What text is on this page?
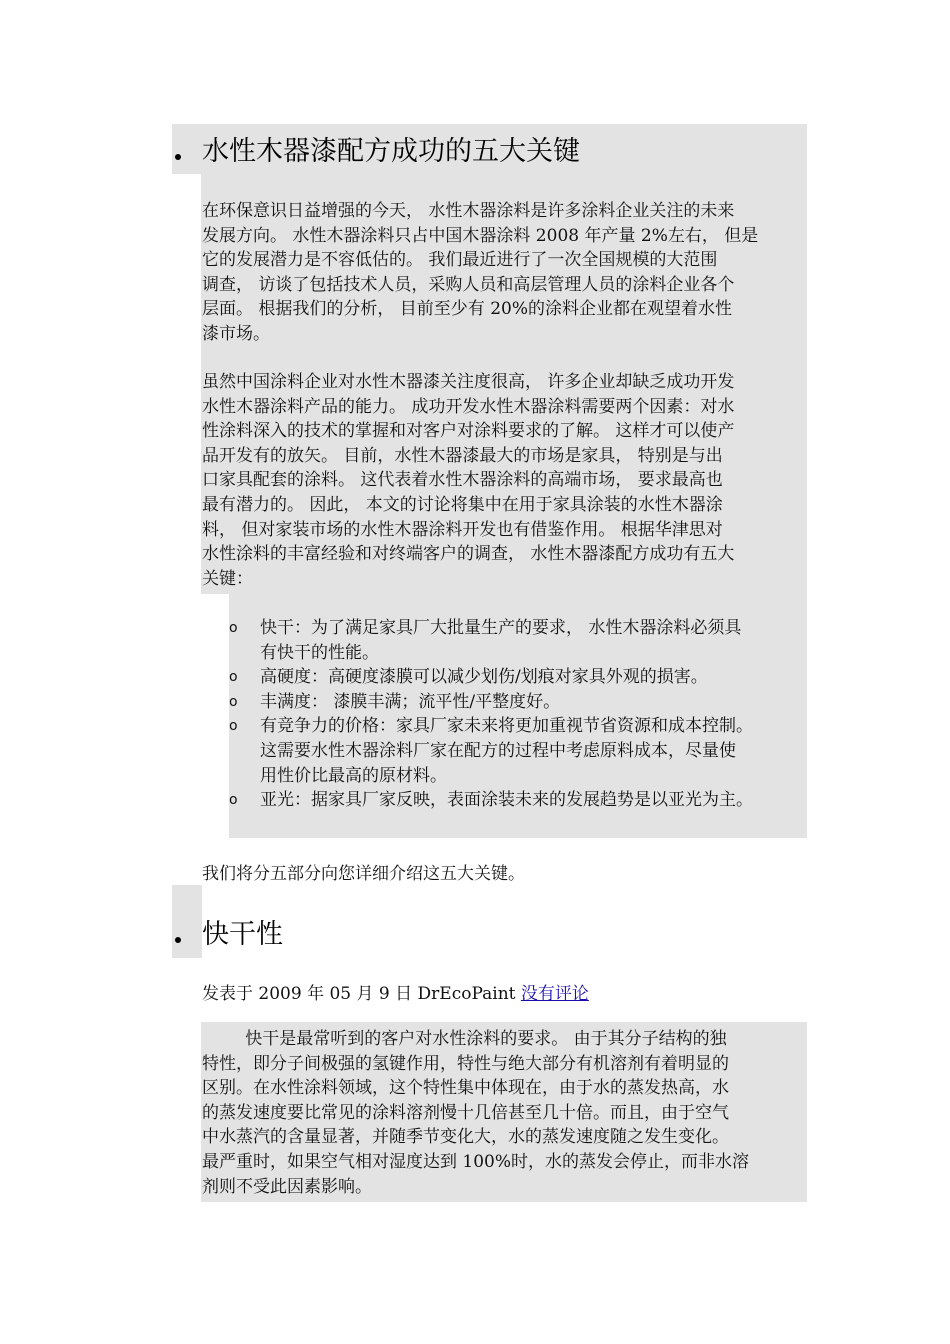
水性木器漆配方成功的五大关键
在环保意识日益增强的今天， 水性木器涂料是许多涂料企业关注的未来
发展方向。 水性木器涂料只占中国木器涂料 2008 年产量 2%左右， 但是
它的发展潜力是不容低估的。 我们最近进行了一次全国规模的大范围
调查， 访谈了包括技术人员，采购人员和高层管理人员的涂料企业各个
层面。 根据我们的分析， 目前至少有 20%的涂料企业都在观望着水性
漆市场。
虽然中国涂料企业对水性木器漆关注度很高， 许多企业却缺乏成功开发
水性木器涂料产品的能力。 成功开发水性木器涂料需要两个因素：对水
性涂料深入的技术的掌握和对客户对涂料要求的了解。 这样才可以使产
品开发有的放矢。 目前，水性木器漆最大的市场是家具， 特别是与出
口家具配套的涂料。 这代表着水性木器涂料的高端市场， 要求最高也
最有潜力的。 因此， 本文的讨论将集中在用于家具涂装的水性木器涂
料， 但对家装市场的水性木器涂料开发也有借鉴作用。 根据华津思对
水性涂料的丰富经验和对终端客户的调查， 水性木器漆配方成功有五大
关键：
o 快干：为了满足家具厂大批量生产的要求， 水性木器涂料必须具
有快干的性能。
o 高硬度：高硬度漆膜可以减少划伤/划痕对家具外观的损害。
o 丰满度： 漆膜丰满；流平性/平整度好。
o 有竞争力的价格：家具厂家未来将更加重视节省资源和成本控制。
这需要水性木器涂料厂家在配方的过程中考虑原料成本，尽量使
用性价比最高的原材料。
o 亚光：据家具厂家反映，表面涂装未来的发展趋势是以亚光为主。
我们将分五部分向您详细介绍这五大关键。
快干性
发表于 2009 年 05 月 9 日 DrEcoPaint 没有评论
快干是最常听到的客户对水性涂料的要求。 由于其分子结构的独
特性，即分子间极强的氢键作用，特性与绝大部分有机溶剂有着明显的
区别。在水性涂料领域，这个特性集中体现在，由于水的蒸发热高，水
的蒸发速度要比常见的涂料溶剂慢十几倍甚至几十倍。而且，由于空气
中水蒸汽的含量显著，并随季节变化大，水的蒸发速度随之发生变化。
最严重时，如果空气相对湿度达到 100%时，水的蒸发会停止，而非水溶
剂则不受此因素影响。
